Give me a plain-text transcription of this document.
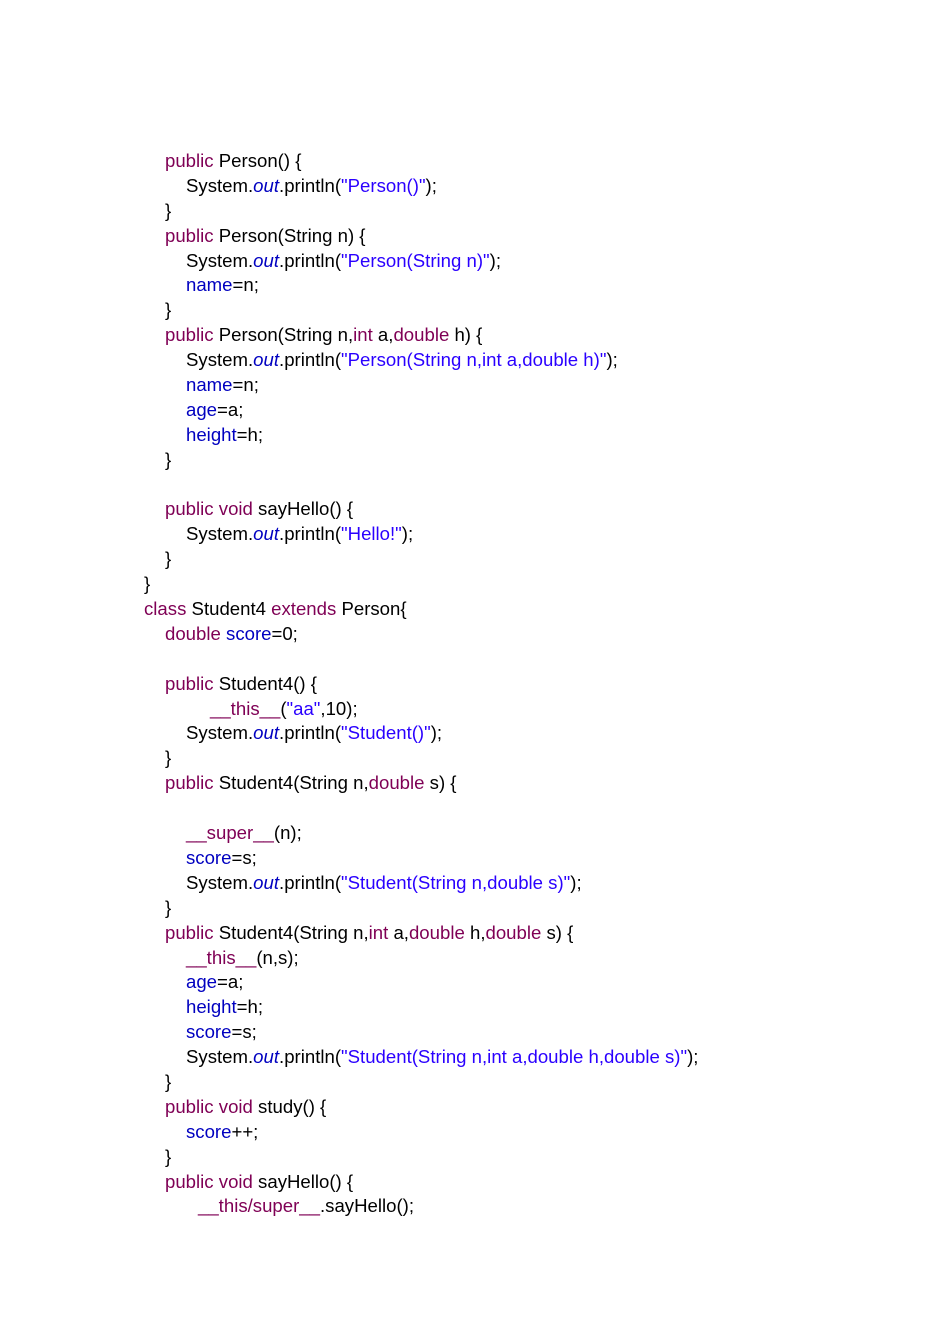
public Person() {
System.out.println("Person()");
}
public Person(String n) {
System.out.println("Person(String n)");
name=n;
}
public Person(String n,int a,double h) {
System.out.println("Person(String n,int a,double h)");
name=n;
age=a;
height=h;
}
public void sayHello() {
System.out.println("Hello!");
}
}
class Student4 extends Person{
double score=0;
public Student4() {
__this__("aa",10);
System.out.println("Student()");
}
public Student4(String n,double s) {
__super__(n);
score=s;
System.out.println("Student(String n,double s)");
}
public Student4(String n,int a,double h,double s) {
__this__(n,s);
age=a;
height=h;
score=s;
System.out.println("Student(String n,int a,double h,double s)");
}
public void study() {
score++;
}
public void sayHello() {
__this/super__.sayHello();
